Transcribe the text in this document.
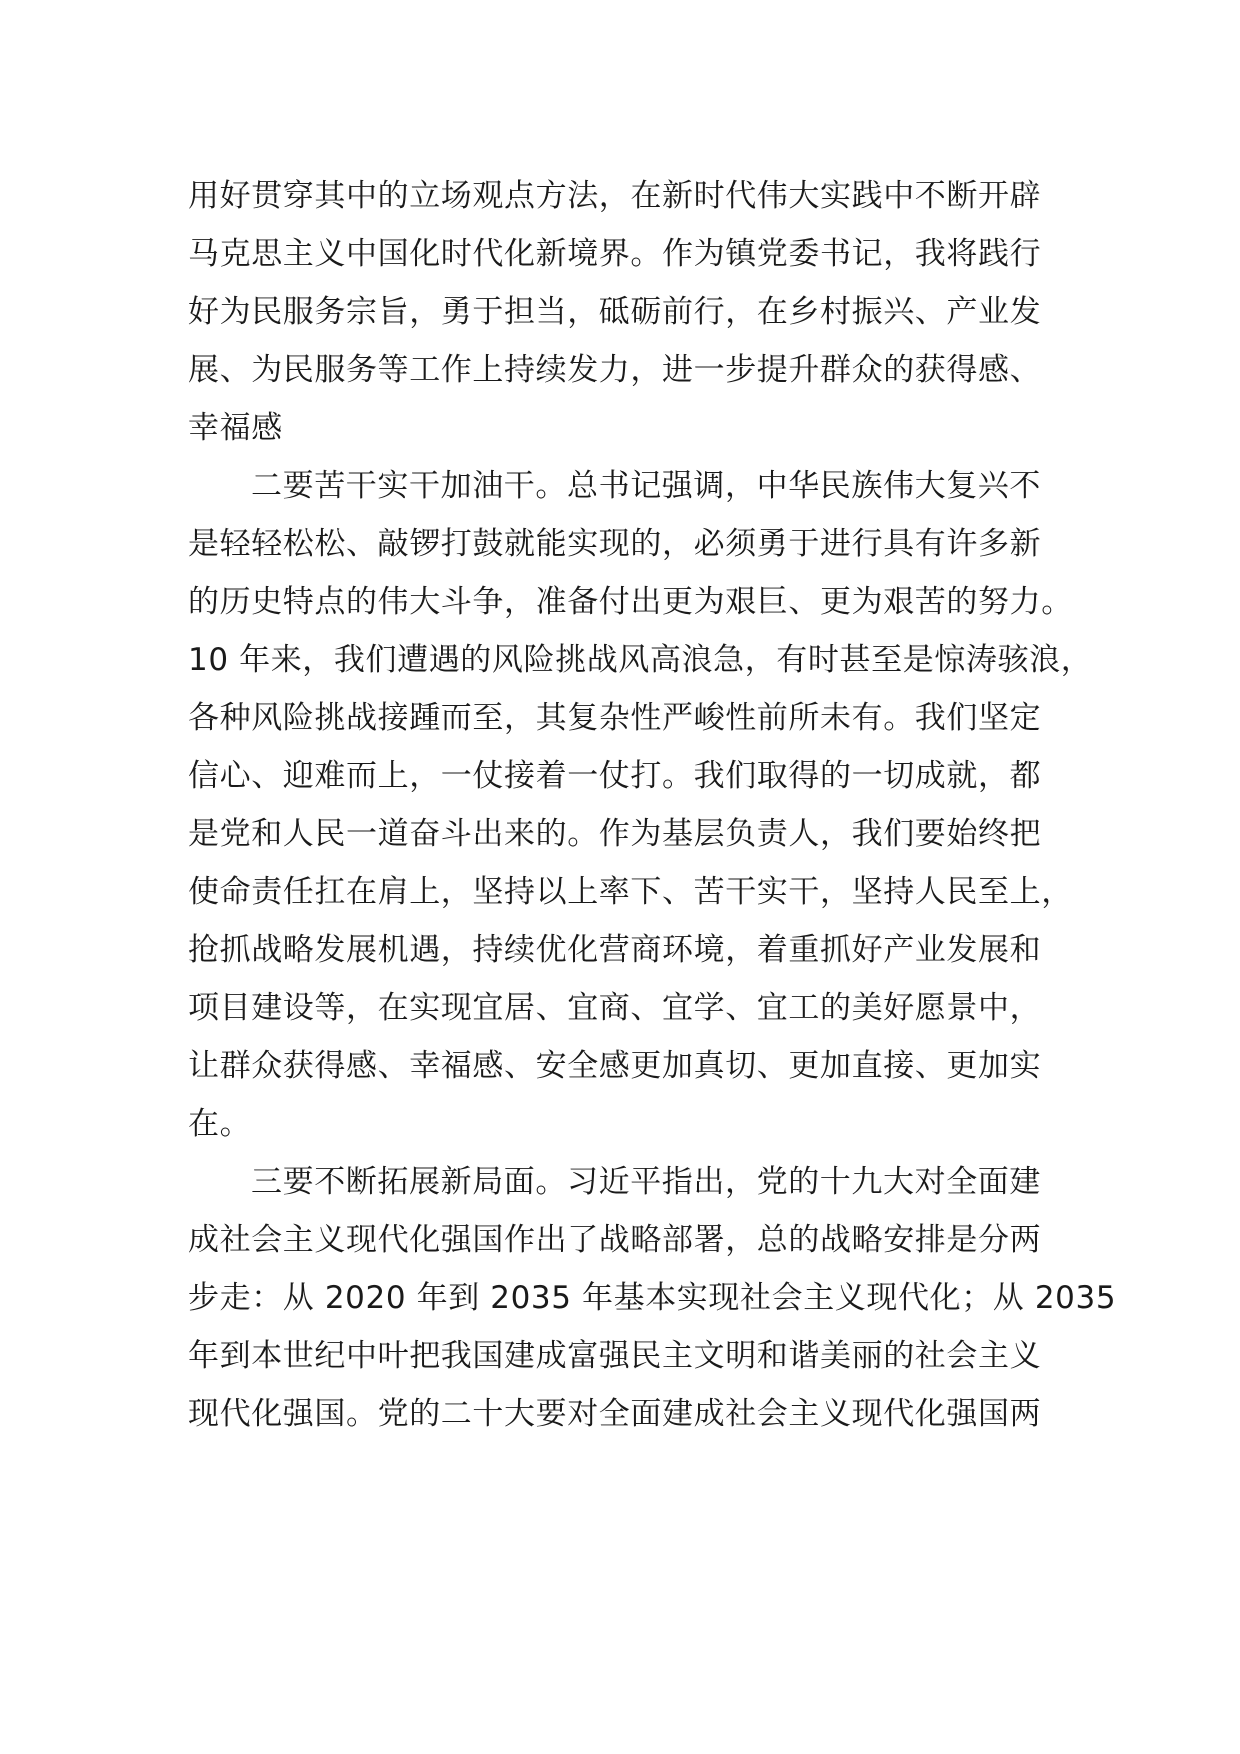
用好贯穿其中的立场观点方法，在新时代伟大实践中不断开辟
马克思主义中国化时代化新境界。作为镇党委书记，我将践行
好为民服务宗旨，勇于担当，砥砺前行，在乡村振兴、产业发
展、为民服务等工作上持续发力，进一步提升群众的获得感、
幸福感
二要苦干实干加油干。总书记强调，中华民族伟大复兴不
是轻轻松松、敲锣打鼓就能实现的，必须勇于进行具有许多新
的历史特点的伟大斗争，准备付出更为艰巨、更为艰苦的努力。
10 年来，我们遭遇的风险挑战风高浪急，有时甚至是惊涛骇浪，
各种风险挑战接踵而至，其复杂性严峻性前所未有。我们坚定
信心、迎难而上，一仗接着一仗打。我们取得的一切成就，都
是党和人民一道奋斗出来的。作为基层负责人，我们要始终把
使命责任扛在肩上，坚持以上率下、苦干实干，坚持人民至上，
抢抓战略发展机遇，持续优化营商环境，着重抓好产业发展和
项目建设等，在实现宜居、宜商、宜学、宜工的美好愿景中，
让群众获得感、幸福感、安全感更加真切、更加直接、更加实
在。
三要不断拓展新局面。习近平指出，党的十九大对全面建
成社会主义现代化强国作出了战略部署，总的战略安排是分两
步走：从 2020 年到 2035 年基本实现社会主义现代化；从 2035
年到本世纪中叶把我国建成富强民主文明和谐美丽的社会主义
现代化强国。党的二十大要对全面建成社会主义现代化强国两
